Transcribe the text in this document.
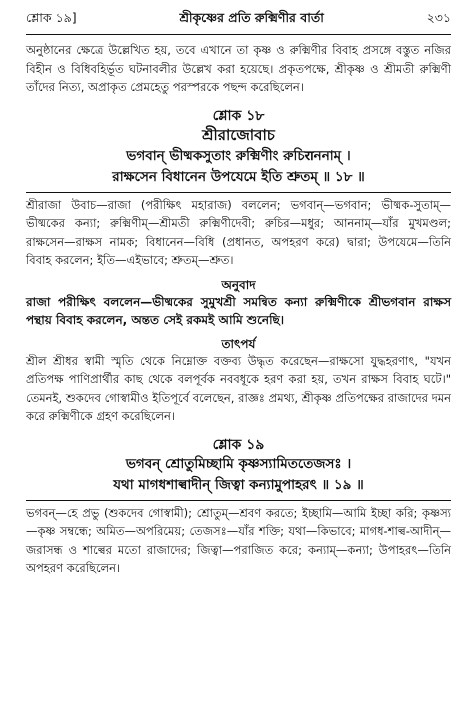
শ্লোক ১৯]	শ্রীকৃষ্ণের প্রতি রুক্মিণীর বার্তা	২৩১

অনুষ্ঠানের ক্ষেত্রে উল্লেখিত হয়, তবে এখানে তা কৃষ্ণ ও রুক্মিণীর বিবাহ প্রসঙ্গে বস্তুত নজির বিহীন ও বিধিবহির্ভূত ঘটনাবলীর উল্লেখ করা হয়েছে। প্রকৃতপক্ষে, শ্রীকৃষ্ণ ও শ্রীমতী রুক্মিণী তাঁদের নিত্য, অপ্রাকৃত প্রেমহেতু পরস্পরকে পছন্দ করেছিলেন।

শ্লোক ১৮

শ্রীরাজোবাচ

ভগবান্ ভীষ্মকসুতাং রুক্মিণীং রুচিराননাম্ ।

রাক্ষসেন বিধানেন উপযেমে ইতি শ্রুতম্ ॥ ১৮ ॥

শ্রীরাজা উবাচ—রাজা (পরীক্ষিৎ মহারাজ) বললেন; ভগবান্—ভগবান; ভীষ্মক-সুতাম্—ভীষ্মকের কন্যা; রুক্মিণীম্—শ্রীমতী রুক্মিণীদেবী; রুচির—মধুর; আননাম্—যাঁর মুখমণ্ডল; রাক্ষসেন—রাক্ষস নামক; বিধানেন—বিধি (প্রধানত, অপহরণ করে) দ্বারা; উপযেমে—তিনি বিবাহ করলেন; ইতি—এইভাবে; শ্রুতম্—শ্রুত।

অনুবাদ

রাজা পরীক্ষিৎ বললেন—ভীষ্মকের সুমুখশ্রী সমন্বিত কন্যা রুক্মিণীকে শ্রীভগবান রাক্ষস পন্থায় বিবাহ করলেন, অন্তত সেই রকমই আমি শুনেছি।

তাৎপর্য

শ্রীল শ্রীধর স্বামী স্মৃতি থেকে নিম্নোক্ত বক্তব্য উদ্ধৃত করেছেন—রাক্ষসো যুদ্ধহরণাৎ, "যখন প্রতিপক্ষ পাণিপ্রার্থীর কাছ থেকে বলপূর্বক নববধূকে হরণ করা হয়, তখন রাক্ষস বিবাহ ঘটে।" তেমনই, শুকদেব গোস্বামীও ইতিপূর্বে বলেছেন, রাজ্ঞঃ প্রমথ্য, শ্রীকৃষ্ণ প্রতিপক্ষের রাজাদের দমন করে রুক্মিণীকে গ্রহণ করেছিলেন।

শ্লোক ১৯

ভগবন্ শ্রোতুমিচ্ছামি কৃষ্ণস্যামিততেজসঃ ।

যথা মাগধশাল্বাদীন্ জিত্বা কন্যামুপাহরৎ ॥ ১৯ ॥

ভগবন্—হে প্রভু (শুকদেব গোস্বামী); শ্রোতুম্—শ্রবণ করতে; ইচ্ছামি—আমি ইচ্ছা করি; কৃষ্ণস্য—কৃষ্ণ সম্বন্ধে; অমিত—অপরিমেয়; তেজসঃ—যাঁর শক্তি; যথা—কিভাবে; মাগধ-শাল্ব-আদীন্—জরাসন্ধ ও শাল্বের মতো রাজাদের; জিত্বা—পরাজিত করে; কন্যাম্—কন্যা; উপাহরৎ—তিনি অপহরণ করেছিলেন।
